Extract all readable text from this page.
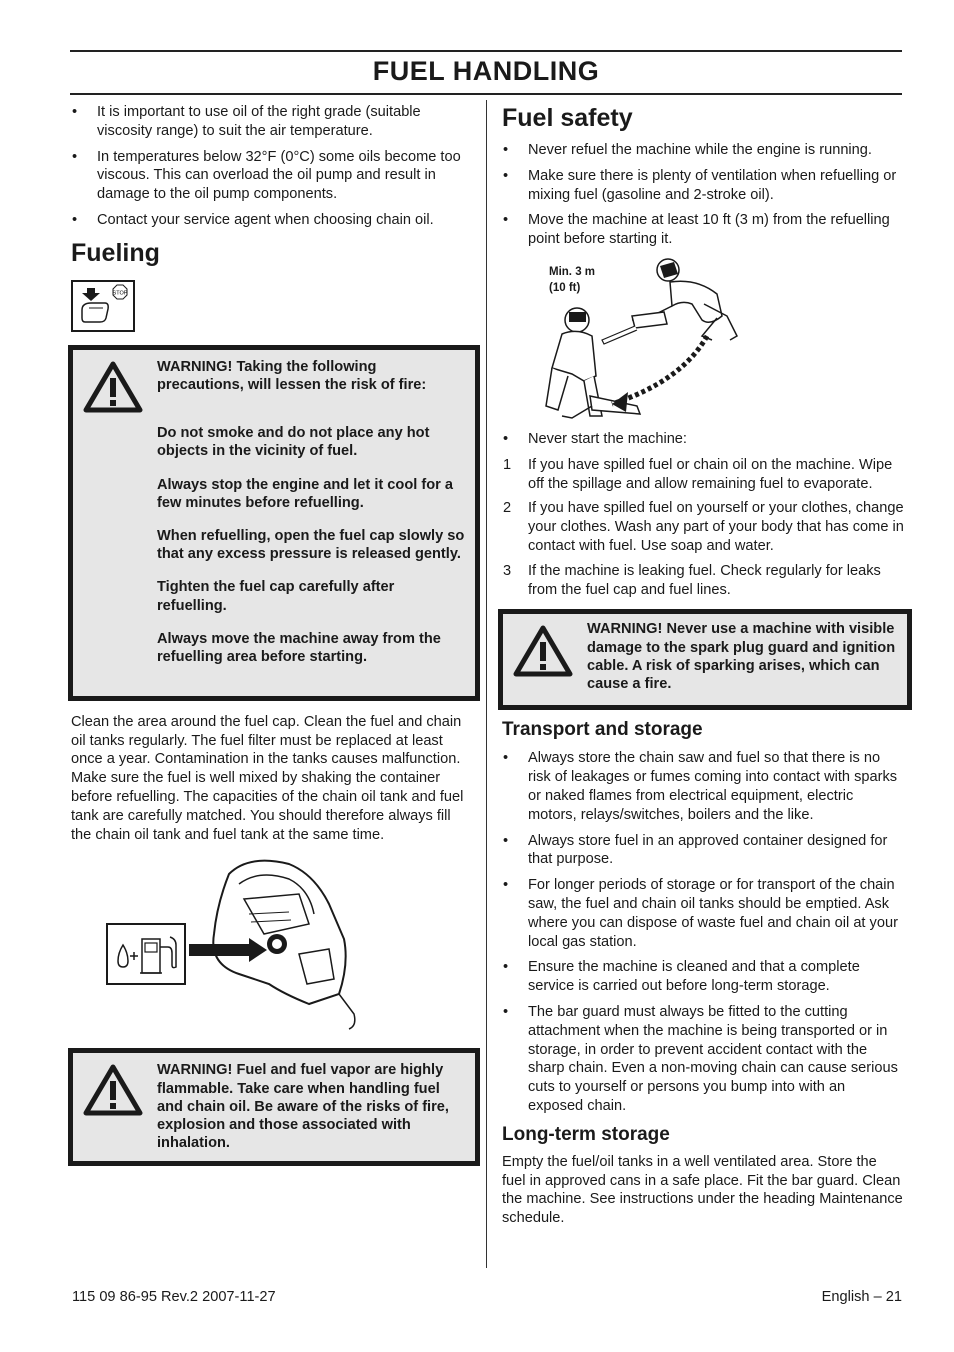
FUEL HANDLING
• It is important to use oil of the right grade (suitable viscosity range) to suit the air temperature.
• In temperatures below 32°F (0°C) some oils become too viscous. This can overload the oil pump and result in damage to the oil pump components.
• Contact your service agent when choosing chain oil.
Fueling
STOP

WARNING! Taking the following precautions, will lessen the risk of fire:

Do not smoke and do not place any hot objects in the vicinity of fuel.

Always stop the engine and let it cool for a few minutes before refuelling.

When refuelling, open the fuel cap slowly so that any excess pressure is released gently.

Tighten the fuel cap carefully after refuelling.

Always move the machine away from the refuelling area before starting.

Clean the area around the fuel cap. Clean the fuel and chain oil tanks regularly. The fuel filter must be replaced at least once a year. Contamination in the tanks causes malfunction. Make sure the fuel is well mixed by shaking the container before refuelling. The capacities of the chain oil tank and fuel tank are carefully matched. You should therefore always fill the chain oil tank and fuel tank at the same time.

WARNING! Fuel and fuel vapor are highly flammable. Take care when handling fuel and chain oil. Be aware of the risks of fire, explosion and those associated with inhalation.

Fuel safety
• Never refuel the machine while the engine is running.
• Make sure there is plenty of ventilation when refuelling or mixing fuel (gasoline and 2-stroke oil).
• Move the machine at least 10 ft (3 m) from the refuelling point before starting it.
Min. 3 m
(10 ft)
• Never start the machine:
1 If you have spilled fuel or chain oil on the machine. Wipe off the spillage and allow remaining fuel to evaporate.
2 If you have spilled fuel on yourself or your clothes, change your clothes. Wash any part of your body that has come in contact with fuel. Use soap and water.
3 If the machine is leaking fuel. Check regularly for leaks from the fuel cap and fuel lines.

WARNING! Never use a machine with visible damage to the spark plug guard and ignition cable. A risk of sparking arises, which can cause a fire.

Transport and storage
• Always store the chain saw and fuel so that there is no risk of leakages or fumes coming into contact with sparks or naked flames from electrical equipment, electric motors, relays/switches, boilers and the like.
• Always store fuel in an approved container designed for that purpose.
• For longer periods of storage or for transport of the chain saw, the fuel and chain oil tanks should be emptied. Ask where you can dispose of waste fuel and chain oil at your local gas station.
• Ensure the machine is cleaned and that a complete service is carried out before long-term storage.
• The bar guard must always be fitted to the cutting attachment when the machine is being transported or in storage, in order to prevent accident contact with the sharp chain. Even a non-moving chain can cause serious cuts to yourself or persons you bump into with an exposed chain.
Long-term storage

Empty the fuel/oil tanks in a well ventilated area. Store the fuel in approved cans in a safe place. Fit the bar guard. Clean the machine. See instructions under the heading Maintenance schedule.

115 09 86-95 Rev.2 2007-11-27	English – 21
